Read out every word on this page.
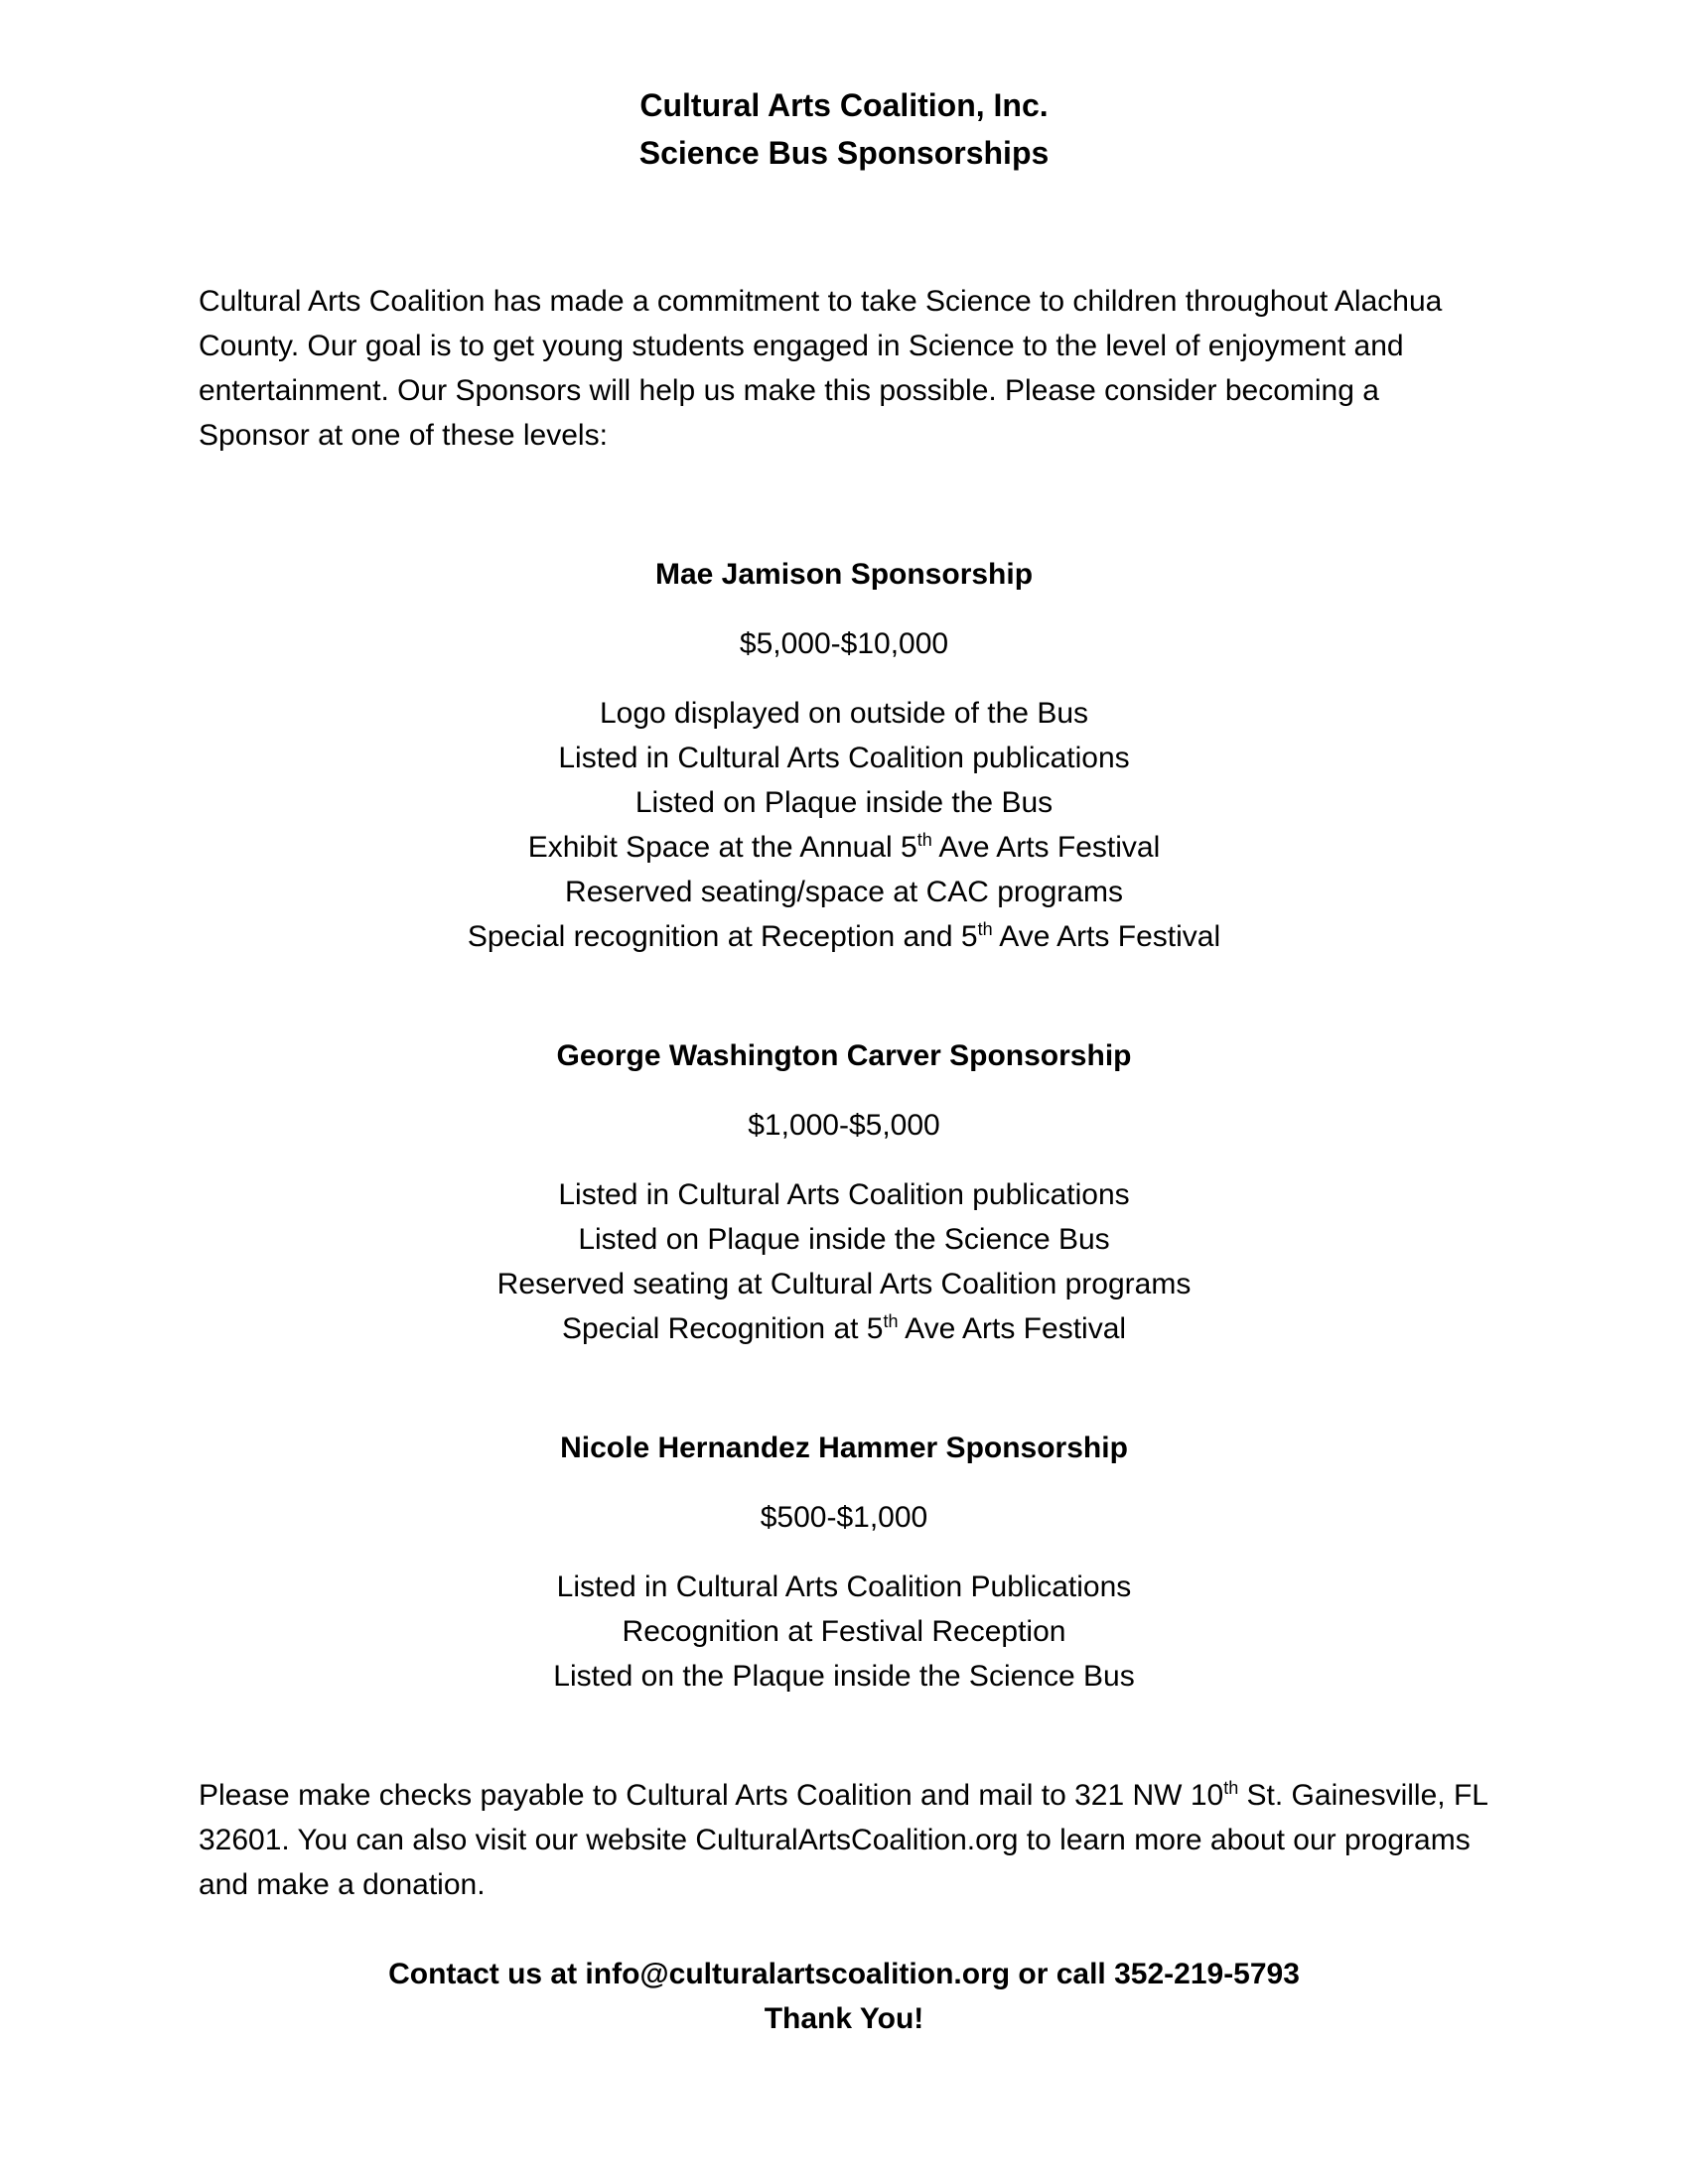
Cultural Arts Coalition, Inc.
Science Bus Sponsorships

Cultural Arts Coalition has made a commitment to take Science to children throughout Alachua County. Our goal is to get young students engaged in Science to the level of enjoyment and entertainment. Our Sponsors will help us make this possible. Please consider becoming a Sponsor at one of these levels:

Mae Jamison Sponsorship

$5,000-$10,000

Logo displayed on outside of the Bus

Listed in Cultural Arts Coalition publications

Listed on Plaque inside the Bus

Exhibit Space at the Annual 5th Ave Arts Festival

Reserved seating/space at CAC programs

Special recognition at Reception and 5th Ave Arts Festival

George Washington Carver Sponsorship

$1,000-$5,000

Listed in Cultural Arts Coalition publications

Listed on Plaque inside the Science Bus

Reserved seating at Cultural Arts Coalition programs

Special Recognition at 5th Ave Arts Festival

Nicole Hernandez Hammer Sponsorship

$500-$1,000

Listed in Cultural Arts Coalition Publications

Recognition at Festival Reception

Listed on the Plaque inside the Science Bus

Please make checks payable to Cultural Arts Coalition and mail to 321 NW 10th St. Gainesville, FL  32601. You can also visit our website CulturalArtsCoalition.org to learn more about our programs and make a donation.

Contact us at info@culturalartscoalition.org or call 352-219-5793

Thank You!
